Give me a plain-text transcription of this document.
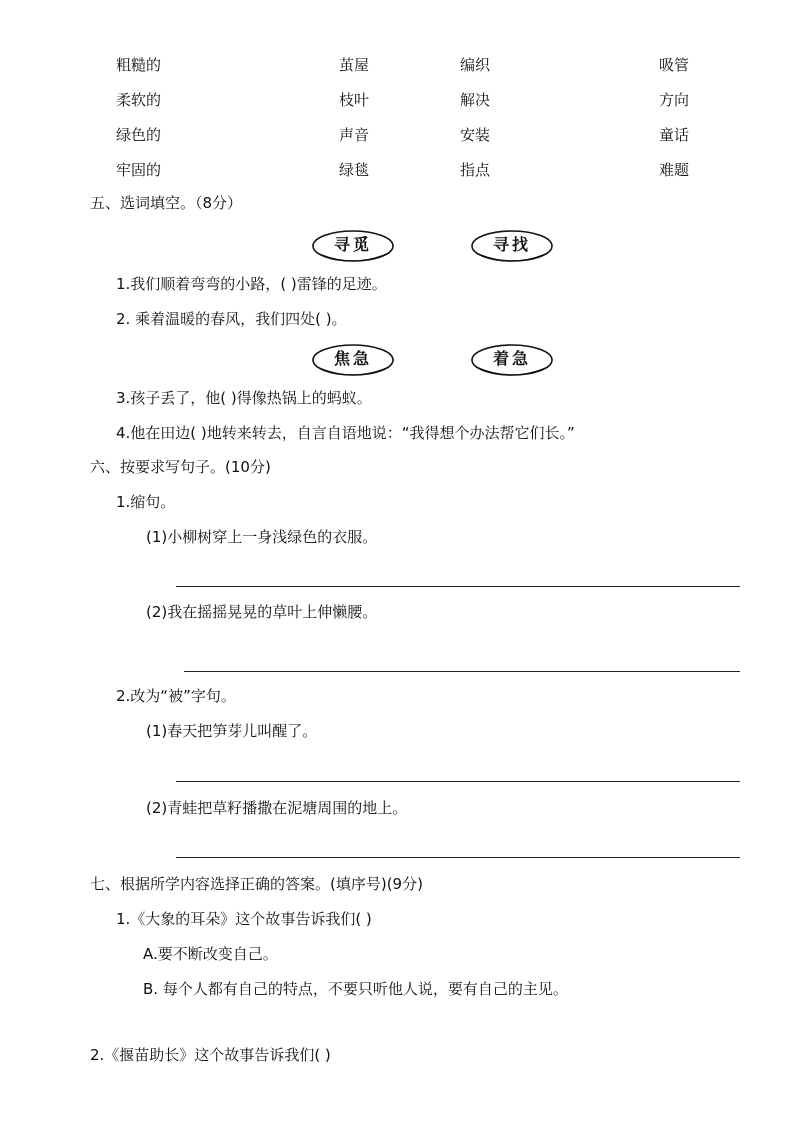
粗糙的
柔软的
绿色的
牢固的
茧屋
枝叶
声音
绿毯
编织
解决
安装
指点
吸管
方向
童话
难题
五、选词填空。（8分）
寻觅	寻找
1.我们顺着弯弯的小路，( )雷锋的足迹。
2. 乘着温暖的春风，我们四处( )。
焦急	着急
3.孩子丢了，他( )得像热锅上的蚂蚁。
4.他在田边( )地转来转去，自言自语地说：“我得想个办法帮它们长。”
六、按要求写句子。(10分)
1.缩句。
(1)小柳树穿上一身浅绿色的衣服。
(2)我在摇摇晃晃的草叶上伸懒腰。
2.改为“被”字句。
(1)春天把笋芽儿叫醒了。
(2)青蛙把草籽播撒在泥塘周围的地上。
七、根据所学内容选择正确的答案。(填序号)(9分)
1.《大象的耳朵》这个故事告诉我们( )
A.要不断改变自己。
B. 每个人都有自己的特点，不要只听他人说，要有自己的主见。
2.《揠苗助长》这个故事告诉我们( )
